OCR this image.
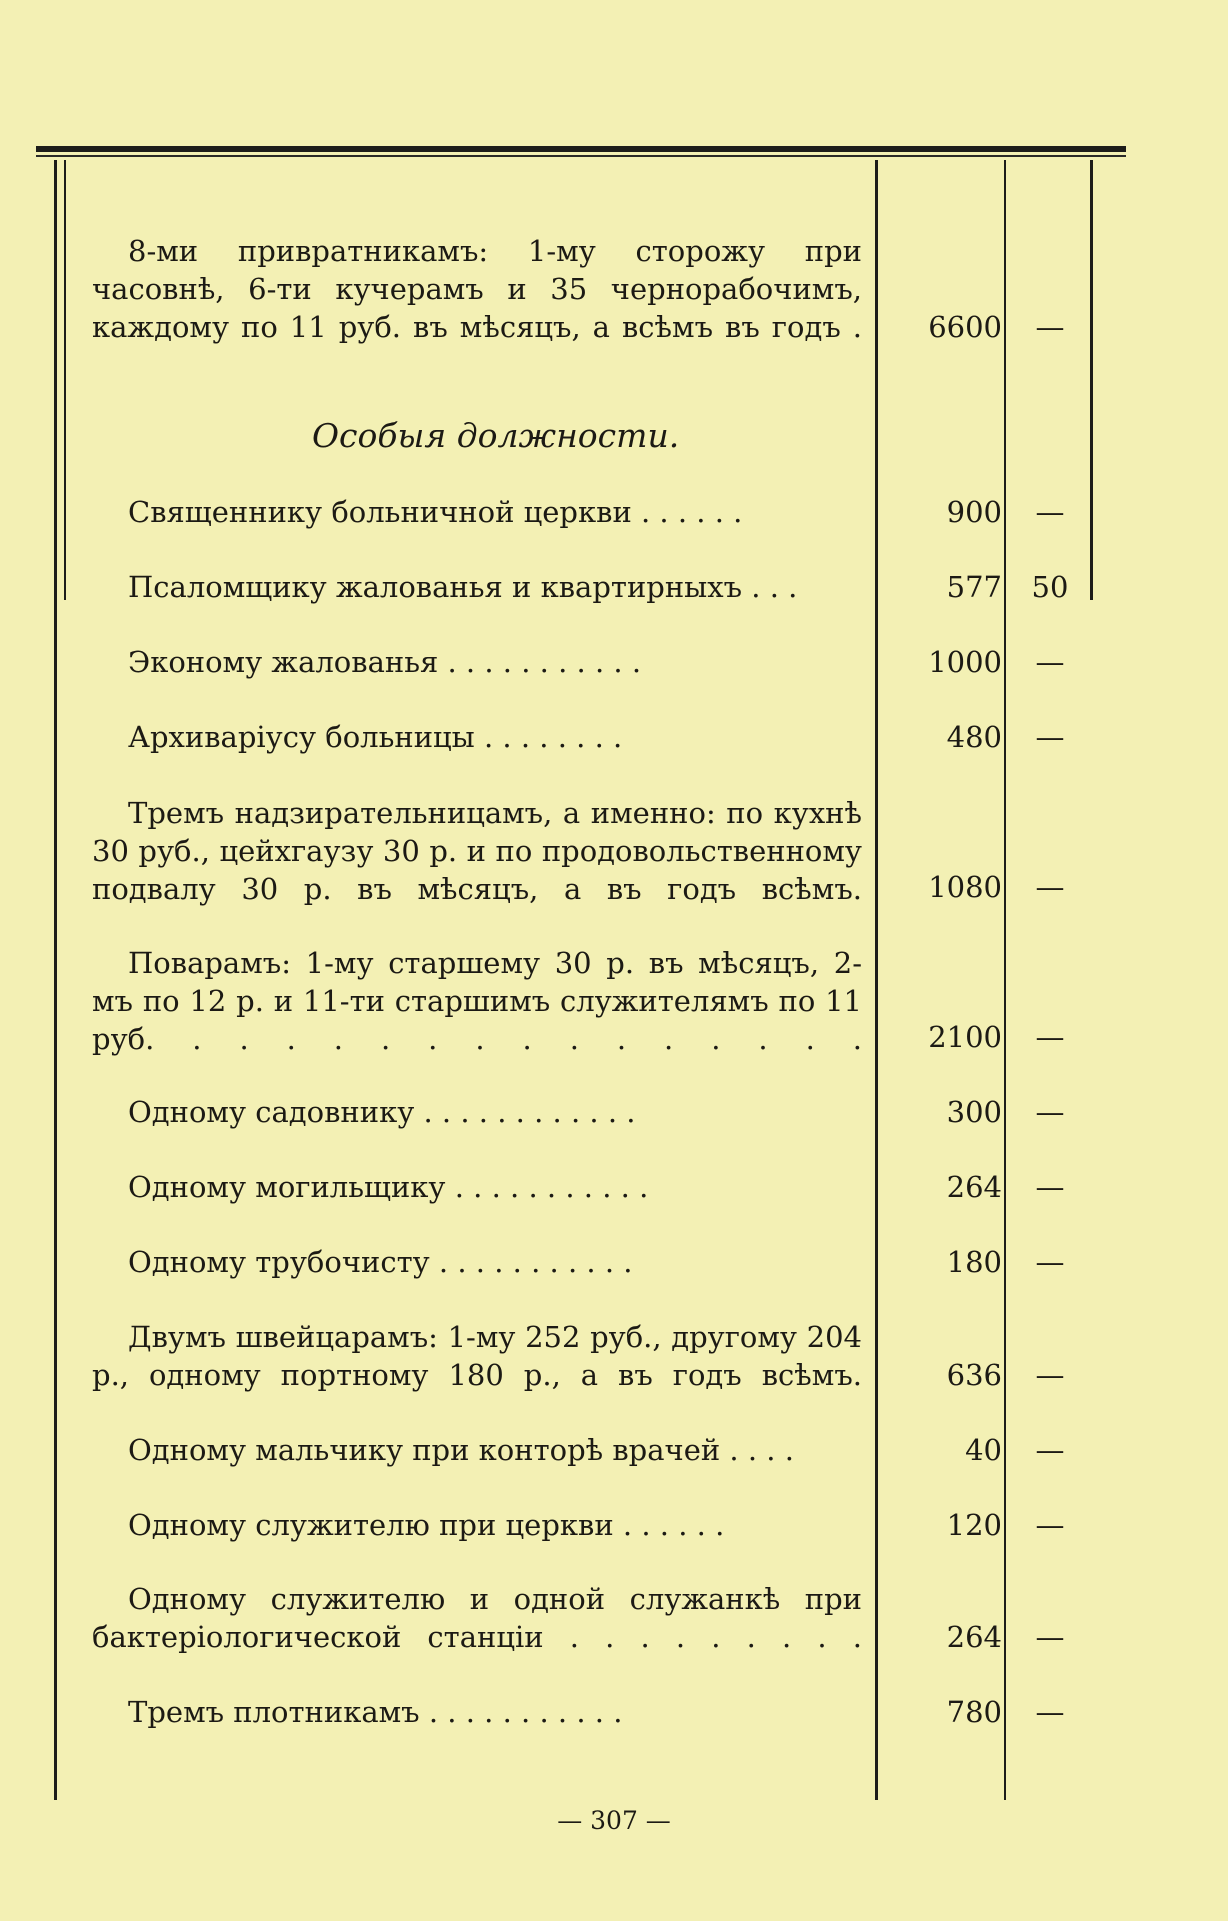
8-ми привратникамъ: 1-му сторожу при часовнѣ, 6-ти кучерамъ и 35 чернорабочимъ, каждому по 11 руб. въ мѣсяцъ, а всѣмъ въ годъ .	6600	—
Особыя должности.
Священнику больничной церкви . . . . . .	900	—
Псаломщику жалованья и квартирныхъ . . .	577	50
Эконому жалованья . . . . . . . . . . .	1000	—
Архиваріусу больницы . . . . . . . .	480	—
Тремъ надзирательницамъ, а именно: по кухнѣ 30 руб., цейхгаузу 30 р. и по продовольственному подвалу 30 р. въ мѣсяцъ, а въ годъ всѣмъ.	1080	—
Поварамъ: 1-му старшему 30 р. въ мѣсяцъ, 2-мъ по 12 р. и 11-ти старшимъ служителямъ по 11 руб. . . . . . . . . . . . . . . .	2100	—
Одному садовнику . . . . . . . . . . . .	300	—
Одному могильщику . . . . . . . . . . .	264	—
Одному трубочисту . . . . . . . . . . .	180	—
Двумъ швейцарамъ: 1-му 252 руб., другому 204 р., одному портному 180 р., а въ годъ всѣмъ.	636	—
Одному мальчику при конторѣ врачей . . . .	40	—
Одному служителю при церкви . . . . . .	120	—
Одному служителю и одной служанкѣ при бактеріологической станціи . . . . . . . . .	264	—
Тремъ плотникамъ . . . . . . . . . . .	780	—
— 307 —
